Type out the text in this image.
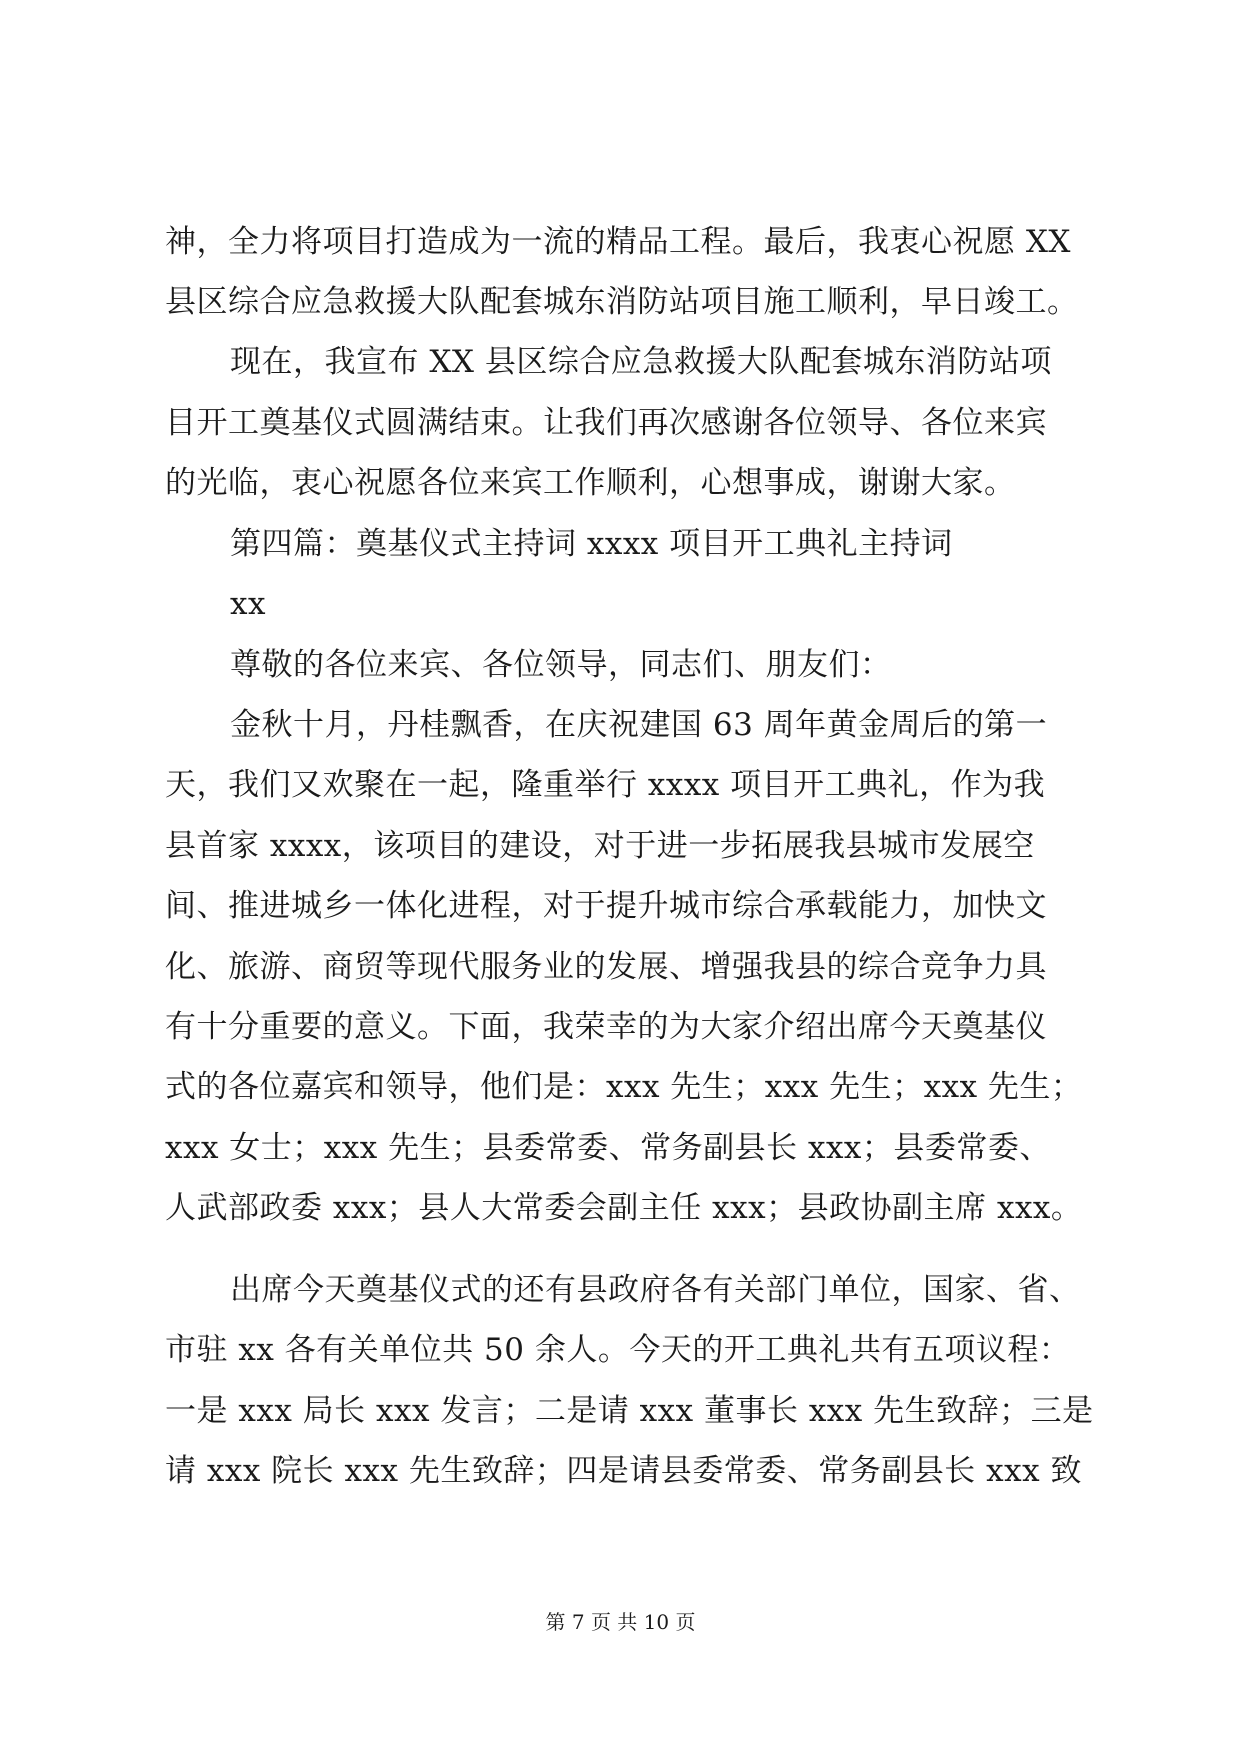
神，全力将项目打造成为一流的精品工程。最后，我衷心祝愿 XX
县区综合应急救援大队配套城东消防站项目施工顺利，早日竣工。
现在，我宣布 XX 县区综合应急救援大队配套城东消防站项
目开工奠基仪式圆满结束。让我们再次感谢各位领导、各位来宾
的光临，衷心祝愿各位来宾工作顺利，心想事成，谢谢大家。
第四篇：奠基仪式主持词 xxxx 项目开工典礼主持词
xx
尊敬的各位来宾、各位领导，同志们、朋友们：
金秋十月，丹桂飘香，在庆祝建国 63 周年黄金周后的第一
天，我们又欢聚在一起，隆重举行 xxxx 项目开工典礼，作为我
县首家 xxxx，该项目的建设，对于进一步拓展我县城市发展空
间、推进城乡一体化进程，对于提升城市综合承载能力，加快文
化、旅游、商贸等现代服务业的发展、增强我县的综合竞争力具
有十分重要的意义。下面，我荣幸的为大家介绍出席今天奠基仪
式的各位嘉宾和领导，他们是：xxx 先生；xxx 先生；xxx 先生；
xxx 女士；xxx 先生；县委常委、常务副县长 xxx；县委常委、
人武部政委 xxx；县人大常委会副主任 xxx；县政协副主席 xxx。
出席今天奠基仪式的还有县政府各有关部门单位，国家、省、
市驻 xx 各有关单位共 50 余人。今天的开工典礼共有五项议程：
一是 xxx 局长 xxx 发言；二是请 xxx 董事长 xxx 先生致辞；三是
请 xxx 院长 xxx 先生致辞；四是请县委常委、常务副县长 xxx 致
第 7 页 共 10 页
